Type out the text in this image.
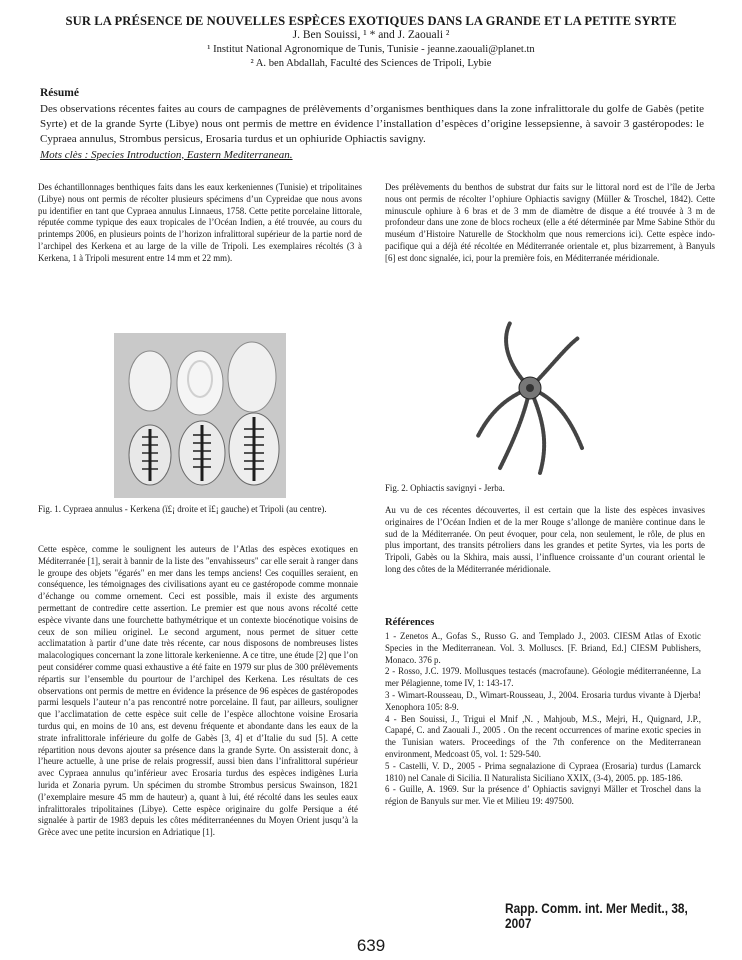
SUR LA PRÉSENCE DE NOUVELLES ESPÈCES EXOTIQUES DANS LA GRANDE ET LA PETITE SYRTE
J. Ben Souissi, ¹ * and J. Zaouali ²
¹ Institut National Agronomique de Tunis, Tunisie - jeanne.zaouali@planet.tn
² A. ben Abdallah, Faculté des Sciences de Tripoli, Lybie
Résumé
Des observations récentes faites au cours de campagnes de prélèvements d’organismes benthiques dans la zone infralittorale du golfe de Gabès (petite Syrte) et de la grande Syrte (Libye) nous ont permis de mettre en évidence l’installation d’espèces d’origine lessepsienne, à savoir 3 gastéropodes: le Cypraea annulus, Strombus persicus, Erosaria turdus et un ophiuride Ophiactis savigny.
Mots clès : Species Introduction, Eastern Mediterranean.

Des échantillonnages benthiques faits dans les eaux kerkeniennes (Tunisie) et tripolitaines (Libye) nous ont permis de récolter plusieurs spécimens d’un Cypreidae que nous avons pu identifier en tant que Cypraea annulus Linnaeus, 1758. Cette petite porcelaine littorale, réputée comme typique des eaux tropicales de l’Océan Indien, a été trouvée, au cours du printemps 2006, en plusieurs points de l’horizon infralittoral supérieur de la partie nord de l’archipel des Kerkena et au large de la ville de Tripoli. Les exemplaires récoltés (3 à Kerkena, 1 à Tripoli mesurent entre 14 mm et 22 mm).

Fig. 1. Cypraea annulus - Kerkena (ï£¡ droite et ï£¡ gauche) et Tripoli (au centre).

Cette espèce, comme le soulignent les auteurs de l’Atlas des espèces exotiques en Méditerranée [1], serait à bannir de la liste des "envahisseurs" car elle serait à ranger dans le groupe des objets "égarés" en mer dans les temps anciens! Ces coquilles seraient, en conséquence, les témoignages des civilisations ayant eu ce gastéropode comme monnaie d’échange ou comme ornement. Ceci est possible, mais il existe des arguments permettant de contredire cette assertion. Le premier est que nous avons récolté cette espèce vivante dans une fourchette bathymétrique et un contexte biocénotique voisins de ceux de son milieu originel. Le second argument, nous permet de situer cette acclimatation à partir d’une date très récente, car nous disposons de nombreuses listes malacologiques concernant la zone littorale kerkenienne. A ce titre, une étude [2] que l’on peut considérer comme quasi exhaustive a été faite en 1979 sur plus de 300 prélèvements répartis sur l’ensemble du pourtour de l’archipel des Kerkena. Les résultats de ces observations ont permis de mettre en évidence la présence de 96 espèces de gastéropodes parmi lesquels l’auteur n’a pas rencontré notre porcelaine. Il faut, par ailleurs, souligner que l’acclimatation de cette espèce suit celle de l’espèce allochtone voisine Erosaria turdus qui, en moins de 10 ans, est devenu fréquente et abondante dans les eaux de la strate infralittorale inférieure du golfe de Gabès [3, 4] et d’Italie du sud [5]. A cette répartition nous devons ajouter sa présence dans la grande Syrte. On assisterait donc, à l’heure actuelle, à une prise de relais progressif, aussi bien dans l’infralittoral supérieur avec Cypraea annulus qu’inférieur avec Erosaria turdus des espèces indigènes Luria lurida et Zonaria pyrum. Un spécimen du strombe Strombus persicus Swainson, 1821 (l’exemplaire mesure 45 mm de hauteur) a, quant à lui, été récolté dans les seules eaux infralittorales tripolitaines (Libye). Cette espèce originaire du golfe Persique a été signalée à partir de 1983 depuis les côtes méditerranéennes du Moyen Orient jusqu’à la Grèce avec une petite incursion en Adriatique [1].

Des prélèvements du benthos de substrat dur faits sur le littoral nord est de l’île de Jerba nous ont permis de récolter l’ophiure Ophiactis savigny (Müller & Troschel, 1842). Cette minuscule ophiure à 6 bras et de 3 mm de diamètre de disque a été trouvée à 3 m de profondeur dans une zone de blocs rocheux (elle a été déterminée par Mme Sabine Sthör du muséum d’Histoire Naturelle de Stockholm que nous remercions ici). Cette espèce indo-pacifique qui a déjà été récoltée en Méditerranée orientale et, plus bizarrement, à Banyuls [6] est donc signalée, ici, pour la première fois, en Méditerranée méridionale.

Fig. 2. Ophiactis savignyi - Jerba.

Au vu de ces récentes découvertes, il est certain que la liste des espèces invasives originaires de l’Océan Indien et de la mer Rouge s’allonge de manière continue dans le sud de la Méditerranée. On peut évoquer, pour cela, non seulement, le rôle, de plus en plus important, des transits pétroliers dans les grandes et petite Syrtes, via les ports de Tripoli, Gabès ou la Skhira, mais aussi, l’influence croissante d’un courant oriental le long des côtes de la Méditerranée méridionale.

Références

1 - Zenetos A., Gofas S., Russo G. and Templado J., 2003. CIESM Atlas of Exotic Species in the Mediterranean. Vol. 3. Molluscs. [F. Briand, Ed.] CIESM Publishers, Monaco. 376 p.

2 - Rosso, J.C. 1979. Mollusques testacés (macrofaune). Géologie méditerranéenne, La mer Pélagienne, tome IV, 1: 143-17.

3 - Wimart-Rousseau, D., Wimart-Rousseau, J., 2004. Erosaria turdus vivante à Djerba! Xenophora 105: 8-9.

4 - Ben Souissi, J., Trigui el Mnif ,N. , Mahjoub, M.S., Mejri, H., Quignard, J.P., Capapé, C. and Zaouali J., 2005 . On the recent occurrences of marine exotic species in the Tunisian waters. Proceedings of the 7th conference on the Mediterranean environment, Medcoast 05, vol. 1: 529-540.

5 - Castelli, V. D., 2005 - Prima segnalazione di Cypraea (Erosaria) turdus (Lamarck 1810) nel Canale di Sicilia. Il Naturalista Siciliano XXIX, (3-4), 2005. pp. 185-186.

6 - Guille, A. 1969. Sur la présence d’ Ophiactis savignyi Mäller et Troschel dans la région de Banyuls sur mer. Vie et Milieu 19: 497500.

Rapp. Comm. int. Mer Medit., 38, 2007
639
